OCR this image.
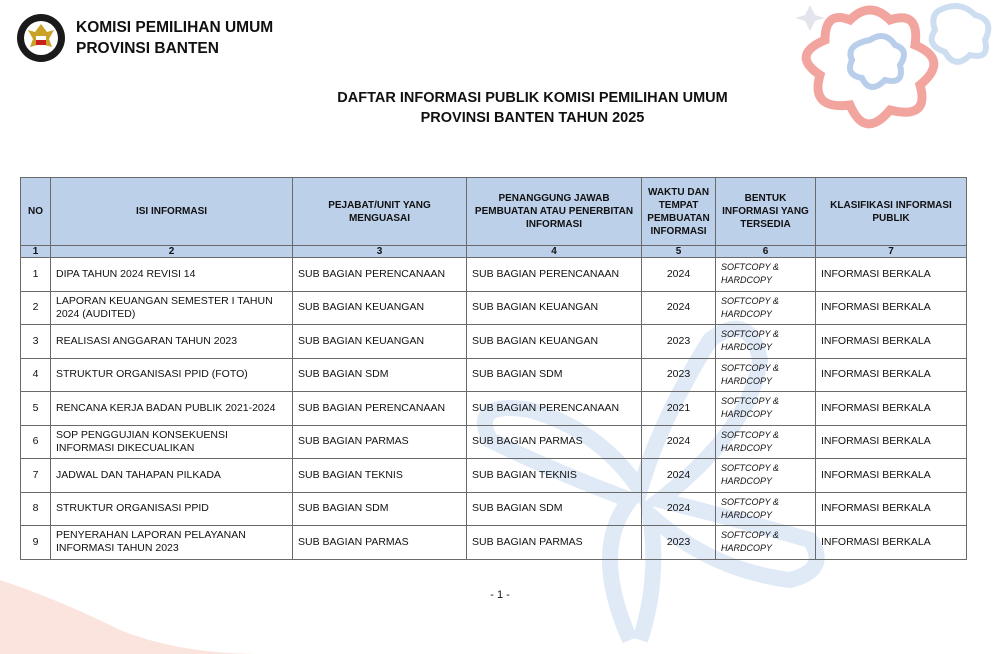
KOMISI PEMILIHAN UMUM
PROVINSI BANTEN
DAFTAR INFORMASI PUBLIK KOMISI PEMILIHAN UMUM
PROVINSI BANTEN TAHUN 2025
NO	ISI INFORMASI	PEJABAT/UNIT YANG MENGUASAI	PENANGGUNG JAWAB PEMBUATAN ATAU PENERBITAN INFORMASI	WAKTU DAN TEMPAT PEMBUATAN INFORMASI	BENTUK INFORMASI YANG TERSEDIA	KLASIFIKASI INFORMASI PUBLIK
1	2	3	4	5	6	7
1	DIPA TAHUN 2024 REVISI 14	SUB BAGIAN PERENCANAAN	SUB BAGIAN PERENCANAAN	2024	SOFTCOPY & HARDCOPY	INFORMASI BERKALA
2	LAPORAN KEUANGAN SEMESTER I TAHUN 2024 (AUDITED)	SUB BAGIAN KEUANGAN	SUB BAGIAN KEUANGAN	2024	SOFTCOPY & HARDCOPY	INFORMASI BERKALA
3	REALISASI ANGGARAN TAHUN 2023	SUB BAGIAN KEUANGAN	SUB BAGIAN KEUANGAN	2023	SOFTCOPY & HARDCOPY	INFORMASI BERKALA
4	STRUKTUR ORGANISASI PPID (FOTO)	SUB BAGIAN SDM	SUB BAGIAN SDM	2023	SOFTCOPY & HARDCOPY	INFORMASI BERKALA
5	RENCANA KERJA BADAN PUBLIK 2021-2024	SUB BAGIAN PERENCANAAN	SUB BAGIAN PERENCANAAN	2021	SOFTCOPY & HARDCOPY	INFORMASI BERKALA
6	SOP PENGGUJIAN KONSEKUENSI INFORMASI DIKECUALIKAN	SUB BAGIAN PARMAS	SUB BAGIAN PARMAS	2024	SOFTCOPY & HARDCOPY	INFORMASI BERKALA
7	JADWAL DAN TAHAPAN PILKADA	SUB BAGIAN TEKNIS	SUB BAGIAN TEKNIS	2024	SOFTCOPY & HARDCOPY	INFORMASI BERKALA
8	STRUKTUR ORGANISASI PPID	SUB BAGIAN SDM	SUB BAGIAN SDM	2024	SOFTCOPY & HARDCOPY	INFORMASI BERKALA
9	PENYERAHAN LAPORAN PELAYANAN INFORMASI TAHUN 2023	SUB BAGIAN PARMAS	SUB BAGIAN PARMAS	2023	SOFTCOPY & HARDCOPY	INFORMASI BERKALA
- 1 -
